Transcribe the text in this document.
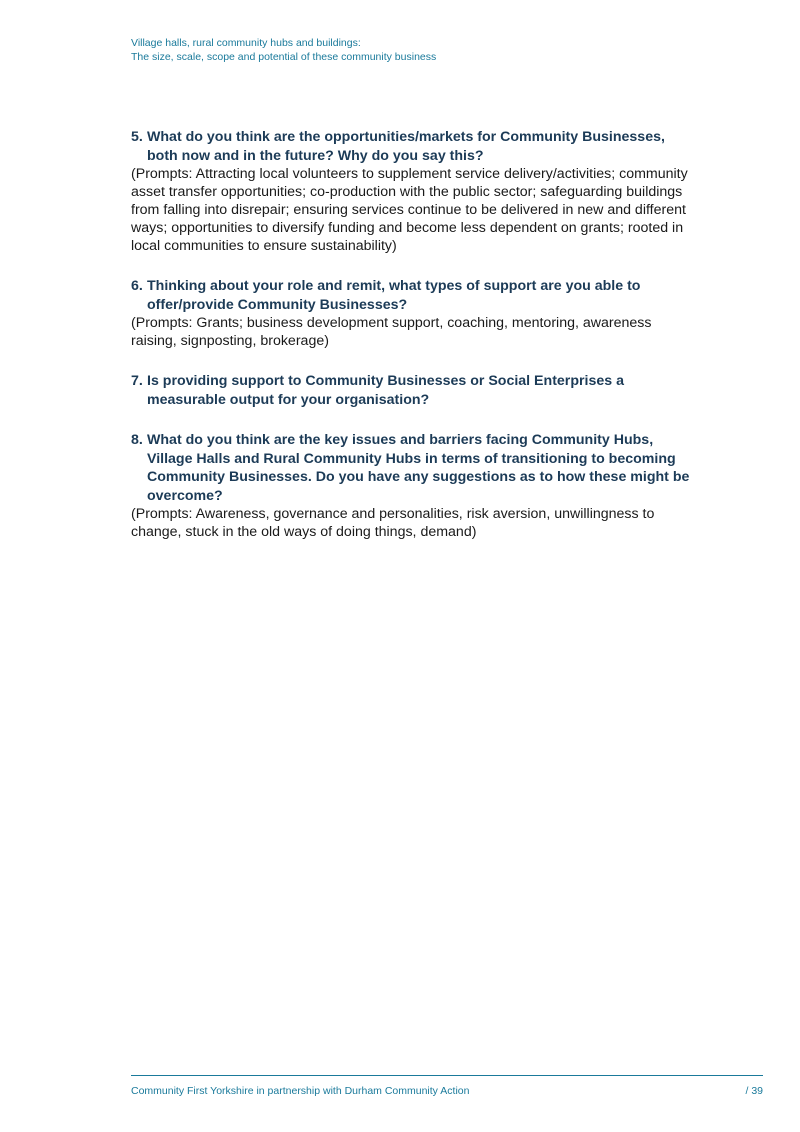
Village halls, rural community hubs and buildings:
The size, scale, scope and potential of these community business

5. What do you think are the opportunities/markets for Community Businesses, both now and in the future? Why do you say this?

(Prompts: Attracting local volunteers to supplement service delivery/activities; community asset transfer opportunities; co-production with the public sector; safeguarding buildings from falling into disrepair; ensuring services continue to be delivered in new and different ways; opportunities to diversify funding and become less dependent on grants; rooted in local communities to ensure sustainability)

6. Thinking about your role and remit, what types of support are you able to offer/provide Community Businesses?

(Prompts: Grants; business development support, coaching, mentoring, awareness raising, signposting, brokerage)

7. Is providing support to Community Businesses or Social Enterprises a measurable output for your organisation?

8. What do you think are the key issues and barriers facing Community Hubs, Village Halls and Rural Community Hubs in terms of transitioning to becoming Community Businesses. Do you have any suggestions as to how these might be overcome?

(Prompts: Awareness, governance and personalities, risk aversion, unwillingness to change, stuck in the old ways of doing things, demand)

Community First Yorkshire in partnership with Durham Community Action	/ 39
